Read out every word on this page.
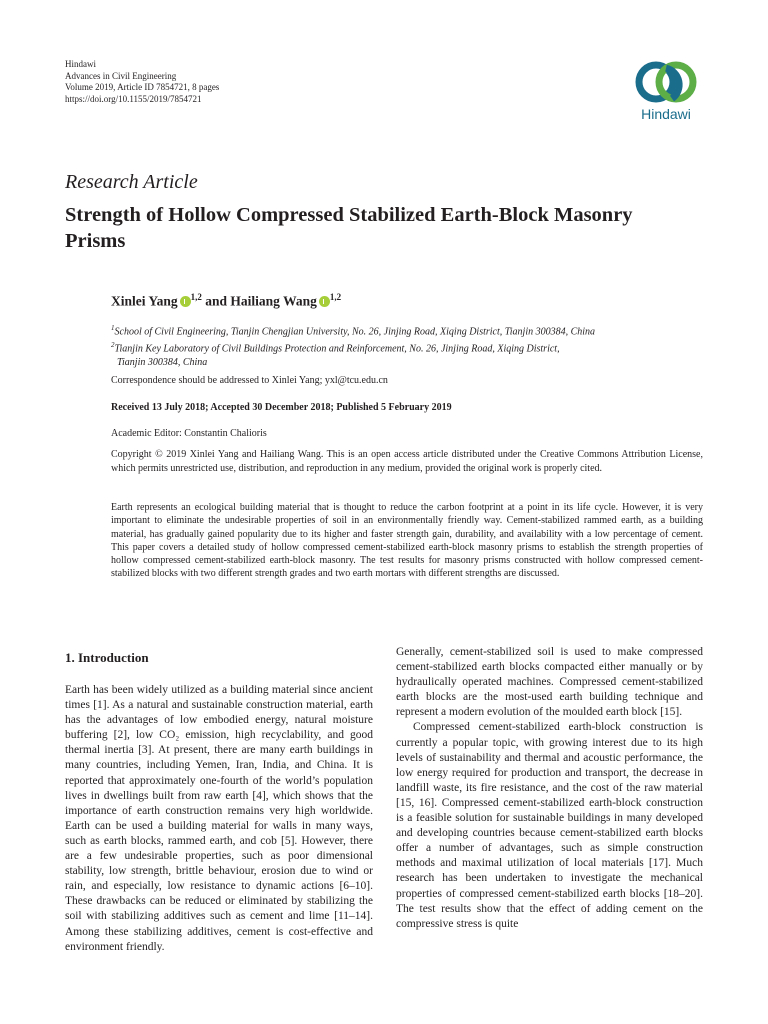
Hindawi
Advances in Civil Engineering
Volume 2019, Article ID 7854721, 8 pages
https://doi.org/10.1155/2019/7854721
Hindawi
Research Article
Strength of Hollow Compressed Stabilized Earth-Block Masonry Prisms
Xinlei Yang $^{1,2}$ and Hailiang Wang $^{1,2}$
$^1$School of Civil Engineering, Tianjin Chengjian University, No. 26, Jinjing Road, Xiqing District, Tianjin 300384, China
$^2$Tianjin Key Laboratory of Civil Buildings Protection and Reinforcement, No. 26, Jinjing Road, Xiqing District,
Tianjin 300384, China
Correspondence should be addressed to Xinlei Yang; yxl@tcu.edu.cn
Received 13 July 2018; Accepted 30 December 2018; Published 5 February 2019
Academic Editor: Constantin Chalioris
Copyright © 2019 Xinlei Yang and Hailiang Wang. This is an open access article distributed under the Creative Commons Attribution License, which permits unrestricted use, distribution, and reproduction in any medium, provided the original work is properly cited.
Earth represents an ecological building material that is thought to reduce the carbon footprint at a point in its life cycle. However, it is very important to eliminate the undesirable properties of soil in an environmentally friendly way. Cement-stabilized rammed earth, as a building material, has gradually gained popularity due to its higher and faster strength gain, durability, and availability with a low percentage of cement. This paper covers a detailed study of hollow compressed cement-stabilized earth-block masonry prisms to establish the strength properties of hollow compressed cement-stabilized earth-block masonry. The test results for masonry prisms constructed with hollow compressed cement-stabilized blocks with two different strength grades and two earth mortars with different strengths are discussed.
1. Introduction

Earth has been widely utilized as a building material since ancient times [1]. As a natural and sustainable construction material, earth has the advantages of low embodied energy, natural moisture buffering [2], low CO₂ emission, high recyclability, and good thermal inertia [3]. At present, there are many earth buildings in many countries, including Yemen, Iran, India, and China. It is reported that approximately one-fourth of the world’s population lives in dwellings built from raw earth [4], which shows that the importance of earth construction remains very high worldwide. Earth can be used a building material for walls in many ways, such as earth blocks, rammed earth, and cob [5]. However, there are a few undesirable properties, such as poor dimensional stability, low strength, brittle behaviour, erosion due to wind or rain, and especially, low resistance to dynamic actions [6–10]. These drawbacks can be reduced or eliminated by stabilizing the soil with stabilizing additives such as cement and lime [11–14]. Among these stabilizing additives, cement is cost-effective and environment friendly.

Generally, cement-stabilized soil is used to make compressed cement-stabilized earth blocks compacted either manually or by hydraulically operated machines. Compressed cement-stabilized earth blocks are the most-used earth building technique and represent a modern evolution of the moulded earth block [15].

Compressed cement-stabilized earth-block construction is currently a popular topic, with growing interest due to its high levels of sustainability and thermal and acoustic performance, the low energy required for production and transport, the decrease in landfill waste, its fire resistance, and the cost of the raw material [15, 16]. Compressed cement-stabilized earth-block construction is a feasible solution for sustainable buildings in many developed and developing countries because cement-stabilized earth blocks offer a number of advantages, such as simple construction methods and maximal utilization of local materials [17]. Much research has been undertaken to investigate the mechanical properties of compressed cement-stabilized earth blocks [18–20]. The test results show that the effect of adding cement on the compressive stress is quite
